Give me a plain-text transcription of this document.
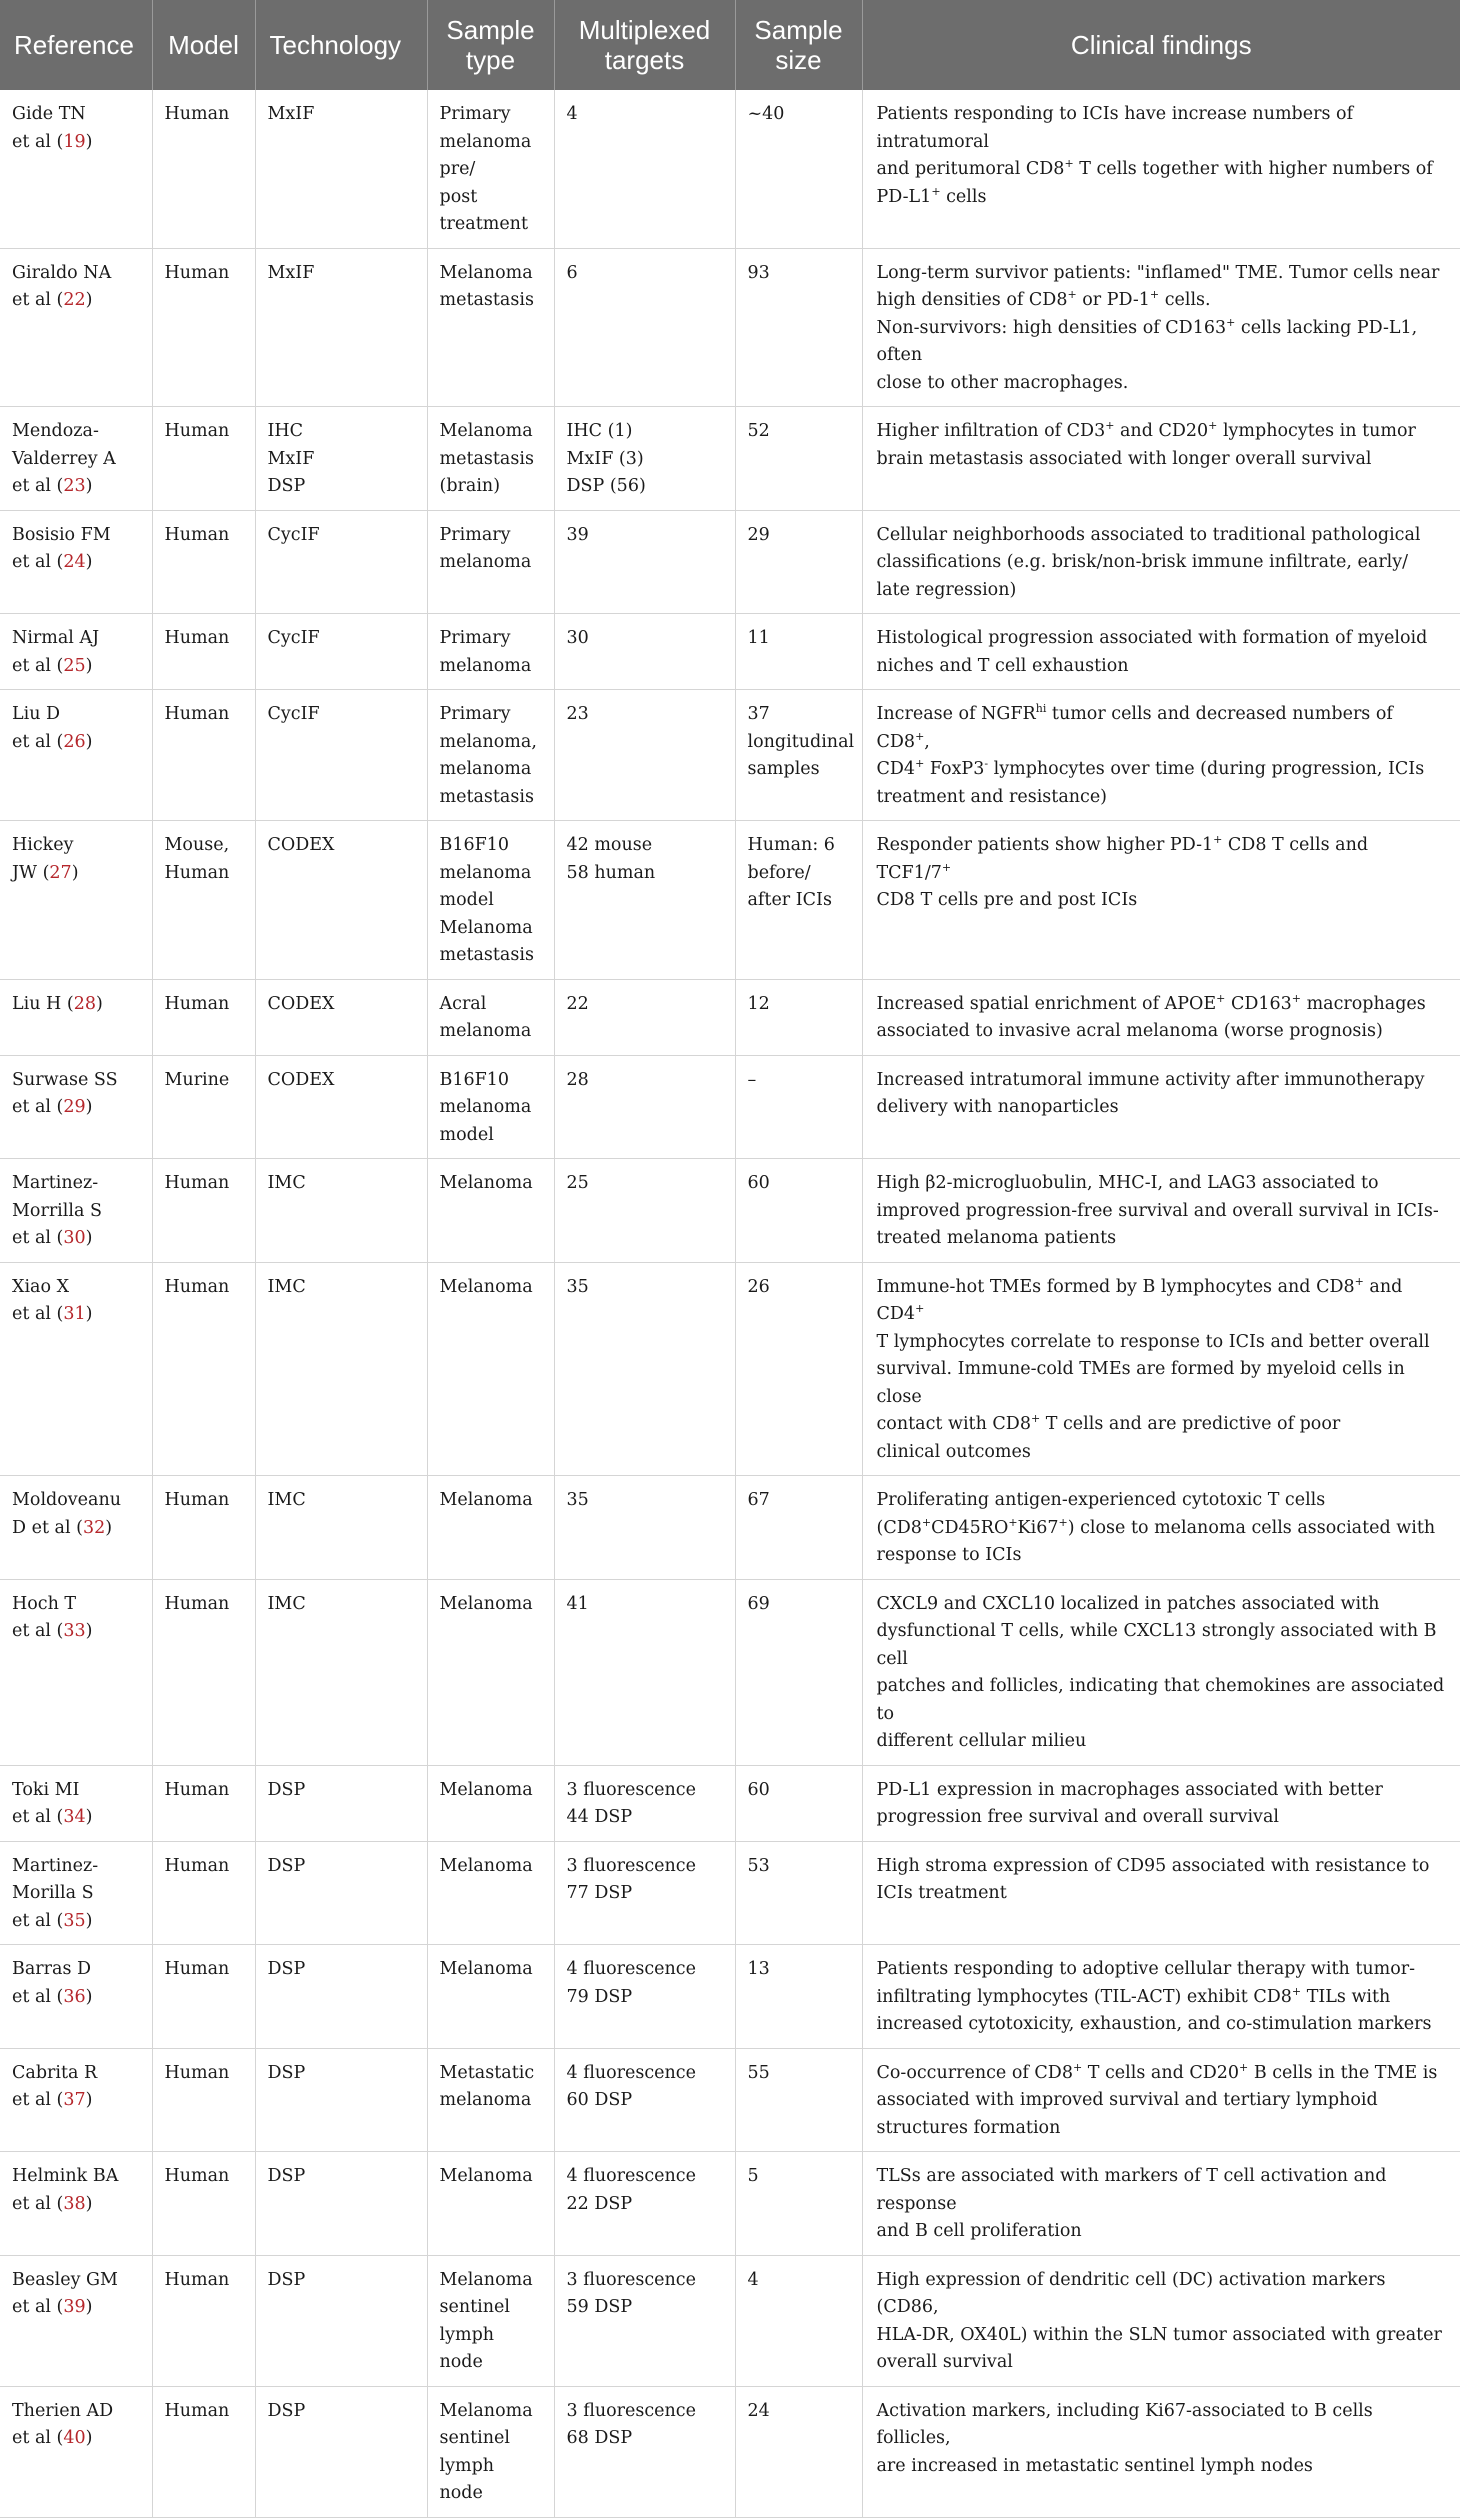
Reference	Model	Technology	Sample type	Multiplexed targets	Sample size	Clinical findings
Gide TN
et al (19)	Human	MxIF	Primary
melanoma
pre/
post
treatment	4	~40	Patients responding to ICIs have increase numbers of intratumoral
and peritumoral CD8+ T cells together with higher numbers of
PD-L1+ cells
Giraldo NA
et al (22)	Human	MxIF	Melanoma
metastasis	6	93	Long-term survivor patients: "inflamed" TME. Tumor cells near
high densities of CD8+ or PD-1+ cells.
Non-survivors: high densities of CD163+ cells lacking PD-L1, often
close to other macrophages.
Mendoza-
Valderrey A
et al (23)	Human	IHC
MxIF
DSP	Melanoma
metastasis
(brain)	IHC (1)
MxIF (3)
DSP (56)	52	Higher infiltration of CD3+ and CD20+ lymphocytes in tumor
brain metastasis associated with longer overall survival
Bosisio FM
et al (24)	Human	CycIF	Primary
melanoma	39	29	Cellular neighborhoods associated to traditional pathological
classifications (e.g. brisk/non-brisk immune infiltrate, early/
late regression)
Nirmal AJ
et al (25)	Human	CycIF	Primary
melanoma	30	11	Histological progression associated with formation of myeloid
niches and T cell exhaustion
Liu D
et al (26)	Human	CycIF	Primary
melanoma,
melanoma
metastasis	23	37
longitudinal
samples	Increase of $NGFR^{hi}$ tumor cells and decreased numbers of CD8+,
CD4+ FoxP3- lymphocytes over time (during progression, ICIs
treatment and resistance)
Hickey
JW (27)	Mouse,
Human	CODEX	B16F10
melanoma
model
Melanoma
metastasis	42 mouse
58 human	Human: 6
before/
after ICIs	Responder patients show higher PD-1+ CD8 T cells and TCF1/7+
CD8 T cells pre and post ICIs
Liu H (28)	Human	CODEX	Acral
melanoma	22	12	Increased spatial enrichment of APOE+ CD163+ macrophages
associated to invasive acral melanoma (worse prognosis)
Surwase SS
et al (29)	Murine	CODEX	B16F10
melanoma
model	28	–	Increased intratumoral immune activity after immunotherapy
delivery with nanoparticles
Martinez-
Morrilla S
et al (30)	Human	IMC	Melanoma	25	60	High β2-microgluobulin, MHC-I, and LAG3 associated to
improved progression-free survival and overall survival in ICIs-
treated melanoma patients
Xiao X
et al (31)	Human	IMC	Melanoma	35	26	Immune-hot TMEs formed by B lymphocytes and CD8+ and CD4+
T lymphocytes correlate to response to ICIs and better overall
survival. Immune-cold TMEs are formed by myeloid cells in close
contact with CD8+ T cells and are predictive of poor
clinical outcomes
Moldoveanu
D et al (32)	Human	IMC	Melanoma	35	67	Proliferating antigen-experienced cytotoxic T cells
(CD8+CD45RO+Ki67+) close to melanoma cells associated with
response to ICIs
Hoch T
et al (33)	Human	IMC	Melanoma	41	69	CXCL9 and CXCL10 localized in patches associated with
dysfunctional T cells, while CXCL13 strongly associated with B cell
patches and follicles, indicating that chemokines are associated to
different cellular milieu
Toki MI
et al (34)	Human	DSP	Melanoma	3 fluorescence
44 DSP	60	PD-L1 expression in macrophages associated with better
progression free survival and overall survival
Martinez-
Morilla S
et al (35)	Human	DSP	Melanoma	3 fluorescence
77 DSP	53	High stroma expression of CD95 associated with resistance to
ICIs treatment
Barras D
et al (36)	Human	DSP	Melanoma	4 fluorescence
79 DSP	13	Patients responding to adoptive cellular therapy with tumor-
infiltrating lymphocytes (TIL-ACT) exhibit CD8+ TILs with
increased cytotoxicity, exhaustion, and co-stimulation markers
Cabrita R
et al (37)	Human	DSP	Metastatic
melanoma	4 fluorescence
60 DSP	55	Co-occurrence of CD8+ T cells and CD20+ B cells in the TME is
associated with improved survival and tertiary lymphoid
structures formation
Helmink BA
et al (38)	Human	DSP	Melanoma	4 fluorescence
22 DSP	5	TLSs are associated with markers of T cell activation and response
and B cell proliferation
Beasley GM
et al (39)	Human	DSP	Melanoma
sentinel
lymph
node	3 fluorescence
59 DSP	4	High expression of dendritic cell (DC) activation markers (CD86,
HLA-DR, OX40L) within the SLN tumor associated with greater
overall survival
Therien AD
et al (40)	Human	DSP	Melanoma
sentinel
lymph
node	3 fluorescence
68 DSP	24	Activation markers, including Ki67-associated to B cells follicles,
are increased in metastatic sentinel lymph nodes
